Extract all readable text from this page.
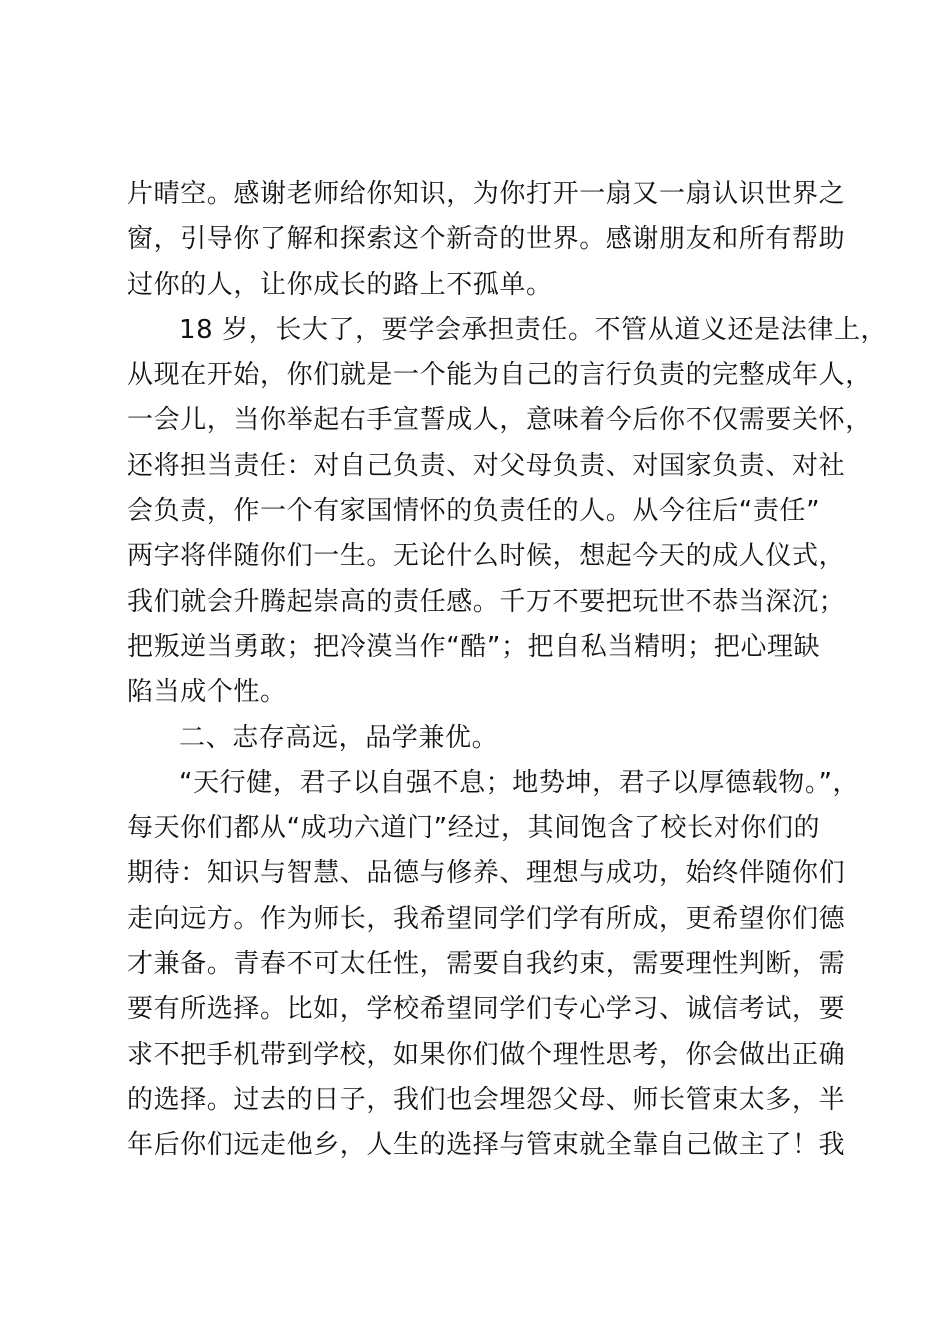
片晴空。感谢老师给你知识，为你打开一扇又一扇认识世界之
窗，引导你了解和探索这个新奇的世界。感谢朋友和所有帮助
过你的人，让你成长的路上不孤单。
18 岁，长大了，要学会承担责任。不管从道义还是法律上，
从现在开始，你们就是一个能为自己的言行负责的完整成年人，
一会儿，当你举起右手宣誓成人，意味着今后你不仅需要关怀，
还将担当责任：对自己负责、对父母负责、对国家负责、对社
会负责，作一个有家国情怀的负责任的人。从今往后“责任”
两字将伴随你们一生。无论什么时候，想起今天的成人仪式，
我们就会升腾起崇高的责任感。千万不要把玩世不恭当深沉；
把叛逆当勇敢；把冷漠当作“酷”；把自私当精明；把心理缺
陷当成个性。
二、志存高远，品学兼优。
“天行健，君子以自强不息；地势坤，君子以厚德载物。”，
每天你们都从“成功六道门”经过，其间饱含了校长对你们的
期待：知识与智慧、品德与修养、理想与成功，始终伴随你们
走向远方。作为师长，我希望同学们学有所成，更希望你们德
才兼备。青春不可太任性，需要自我约束，需要理性判断，需
要有所选择。比如，学校希望同学们专心学习、诚信考试，要
求不把手机带到学校，如果你们做个理性思考，你会做出正确
的选择。过去的日子，我们也会埋怨父母、师长管束太多，半
年后你们远走他乡，人生的选择与管束就全靠自己做主了！我
